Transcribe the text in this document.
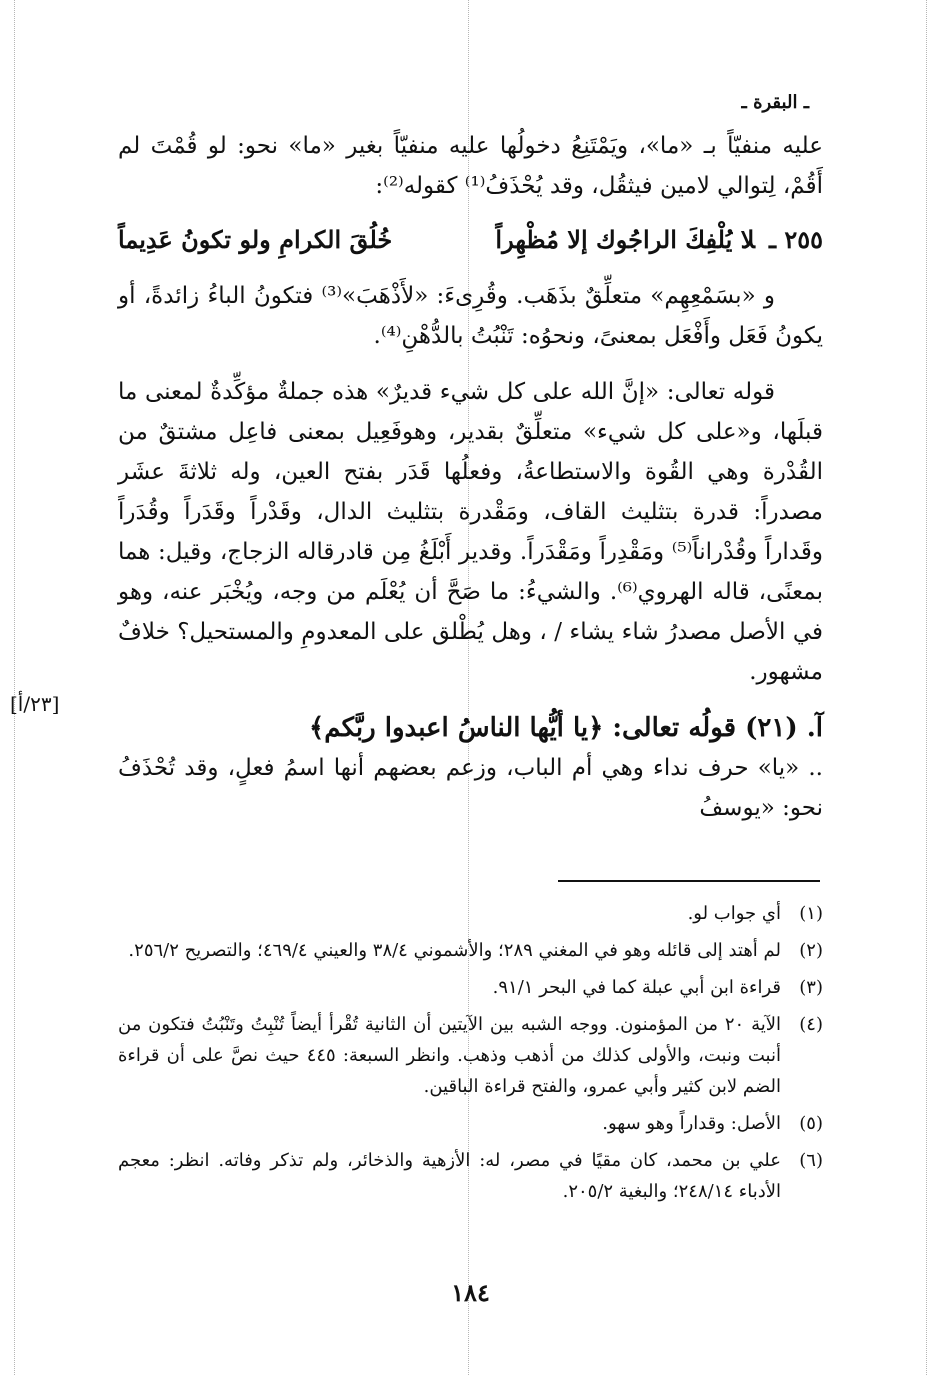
ـ البقرة ـ

عليه منفيّاً بـ «ما»، ويَمْتَنِعُ دخولُها عليه منفيّاً بغير «ما» نحو: لو قُمْتَ لم أَقُمْ، لِتوالي لامين فيثقُل، وقد يُحْذَفُ⁽¹⁾ كقوله⁽²⁾:

٢٥٥ ـلا يُلْفِكَ الراجُوك إلا مُظْهِراً
خُلُقَ الكرامِ ولو تكونُ عَدِيماً

و «بسَمْعِهِم» متعلِّقٌ بذَهَب. وقُرِىءَ: «لأَذْهَبَ»⁽³⁾ فتكونُ الباءُ زائدةً، أو يكونُ فَعَل وأَفْعَل بمعنىً، ونحوُه: تَنْبُتُ بالدُّهْنِ⁽⁴⁾.

قوله تعالى: «إنَّ الله على كل شيء قديرٌ» هذه جملةٌ مؤكِّدةٌ لمعنى ما قبلَها، و«على كل شيء» متعلِّقٌ بقدير، وهوفَعِيل بمعنى فاعِل مشتقٌ من القُدْرة وهي القُوة والاستطاعةُ، وفعلُها قَدَر بفتح العين، وله ثلاثةَ عشَر مصدراً: قدرة بتثليث القاف، ومَقْدرة بتثليث الدال، وقَدْراً وقَدَراً وقُدَراً وقَداراً وقُدْراناً⁽⁵⁾ ومَقْدِراً ومَقْدَراً. وقدير أَبْلَغُ مِن قادرقاله الزجاج، وقيل: هما بمعنًى، قاله الهروي⁽⁶⁾. والشيءُ: ما صَحَّ أن يُعْلَم من وجه، ويُخْبَر عنه، وهو في الأصل مصدرُ شاء يشاء / ، وهل يُطْلق على المعدومِ والمستحيل؟ خلافٌ مشهور.

آ. (٢١) قولُه تعالى: ﴿يا أيُّها الناسُ اعبدوا ربَّكم﴾

.. «يا» حرف نداء وهي أم الباب، وزعم بعضهم أنها اسمُ فعلٍ، وقد تُحْذَفُ نحو: «يوسفُ

[٢٣/أ]
(١)
أي جواب لو.
(٢)
لم أهتد إلى قائله وهو في المغني ٢٨٩؛ والأشموني ٣٨/٤ والعيني ٤٦٩/٤؛ والتصريح ٢٥٦/٢.
(٣)
قراءة ابن أبي عبلة كما في البحر ٩١/١.
(٤)
الآية ٢٠ من المؤمنون. ووجه الشبه بين الآيتين أن الثانية تُقْرأ أيضاً تُنْبِتُ وتَنْبُتُ فتكون من أنبت ونبت، والأولى كذلك من أذهب وذهب. وانظر السبعة: ٤٤٥ حيث نصَّ على أن قراءة الضم لابن كثير وأبي عمرو، والفتح قراءة الباقين.
(٥)
الأصل: وقداراً وهو سهو.
(٦)
علي بن محمد، كان مقيًا في مصر، له: الأزهية والذخائر، ولم تذكر وفاته. انظر: معجم الأدباء ٢٤٨/١٤؛ والبغية ٢٠٥/٢.
١٨٤
